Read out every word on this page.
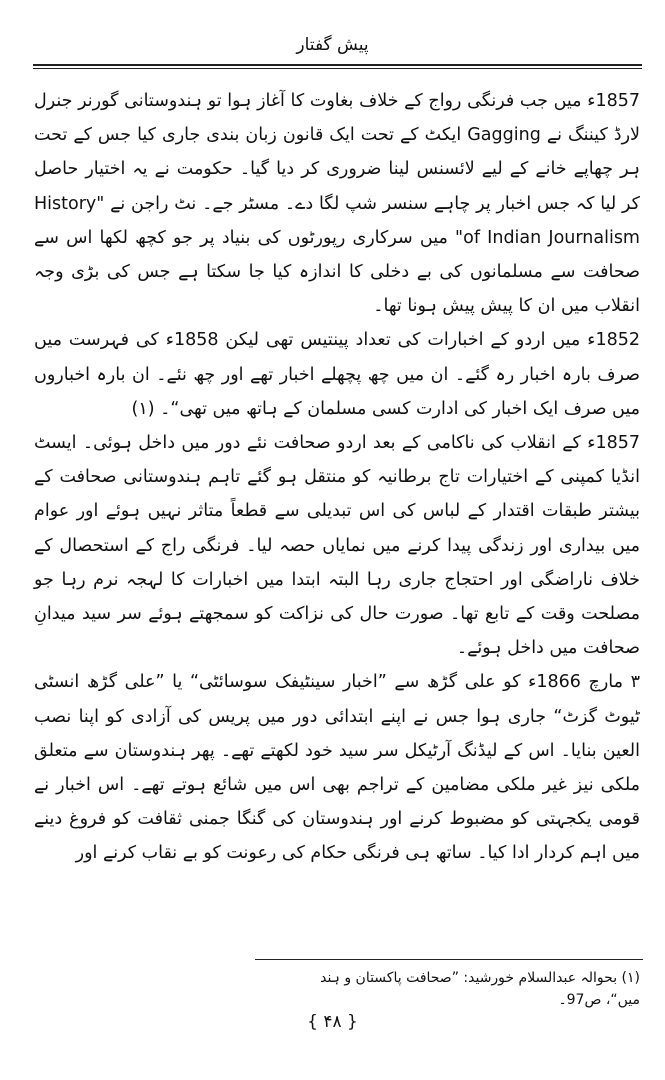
پیش گفتار

1857ء میں جب فرنگی رواج کے خلاف بغاوت کا آغاز ہوا تو ہندوستانی گورنر جنرل لارڈ کیننگ نے Gagging ایکٹ کے تحت ایک قانون زبان بندی جاری کیا جس کے تحت ہر چھاپے خانے کے لیے لائسنس لینا ضروری کر دیا گیا۔ حکومت نے یہ اختیار حاصل کر لیا کہ جس اخبار پر چاہے سنسر شپ لگا دے۔ مسٹر جے۔ نٹ راجن نے "History of Indian Journalism" میں سرکاری رپورٹوں کی بنیاد پر جو کچھ لکھا اس سے صحافت سے مسلمانوں کی بے دخلی کا اندازہ کیا جا سکتا ہے جس کی بڑی وجہ انقلاب میں ان کا پیش پیش ہونا تھا۔

1852ء میں اردو کے اخبارات کی تعداد پینتیس تھی لیکن 1858ء کی فہرست میں صرف بارہ اخبار رہ گئے۔ ان میں چھ پچھلے اخبار تھے اور چھ نئے۔ ان بارہ اخباروں میں صرف ایک اخبار کی ادارت کسی مسلمان کے ہاتھ میں تھی“۔ (۱)

1857ء کے انقلاب کی ناکامی کے بعد اردو صحافت نئے دور میں داخل ہوئی۔ ایسٹ انڈیا کمپنی کے اختیارات تاج برطانیہ کو منتقل ہو گئے تاہم ہندوستانی صحافت کے بیشتر طبقات اقتدار کے لباس کی اس تبدیلی سے قطعاً متاثر نہیں ہوئے اور عوام میں بیداری اور زندگی پیدا کرنے میں نمایاں حصہ لیا۔ فرنگی راج کے استحصال کے خلاف ناراضگی اور احتجاج جاری رہا البتہ ابتدا میں اخبارات کا لہجہ نرم رہا جو مصلحت وقت کے تابع تھا۔ صورت حال کی نزاکت کو سمجھتے ہوئے سر سید میدانِ صحافت میں داخل ہوئے۔

۳ مارچ 1866ء کو علی گڑھ سے ”اخبار سینٹیفک سوسائٹی“ یا ”علی گڑھ انسٹی ٹیوٹ گزٹ“ جاری ہوا جس نے اپنے ابتدائی دور میں پریس کی آزادی کو اپنا نصب العین بنایا۔ اس کے لیڈنگ آرٹیکل سر سید خود لکھتے تھے۔ پھر ہندوستان سے متعلق ملکی نیز غیر ملکی مضامین کے تراجم بھی اس میں شائع ہوتے تھے۔ اس اخبار نے قومی یکجہتی کو مضبوط کرنے اور ہندوستان کی گنگا جمنی ثقافت کو فروغ دینے میں اہم کردار ادا کیا۔ ساتھ ہی فرنگی حکام کی رعونت کو بے نقاب کرنے اور

(۱) بحوالہ عبدالسلام خورشید: ”صحافت پاکستان و ہند میں“، ص97۔
{ ۴۸ }
